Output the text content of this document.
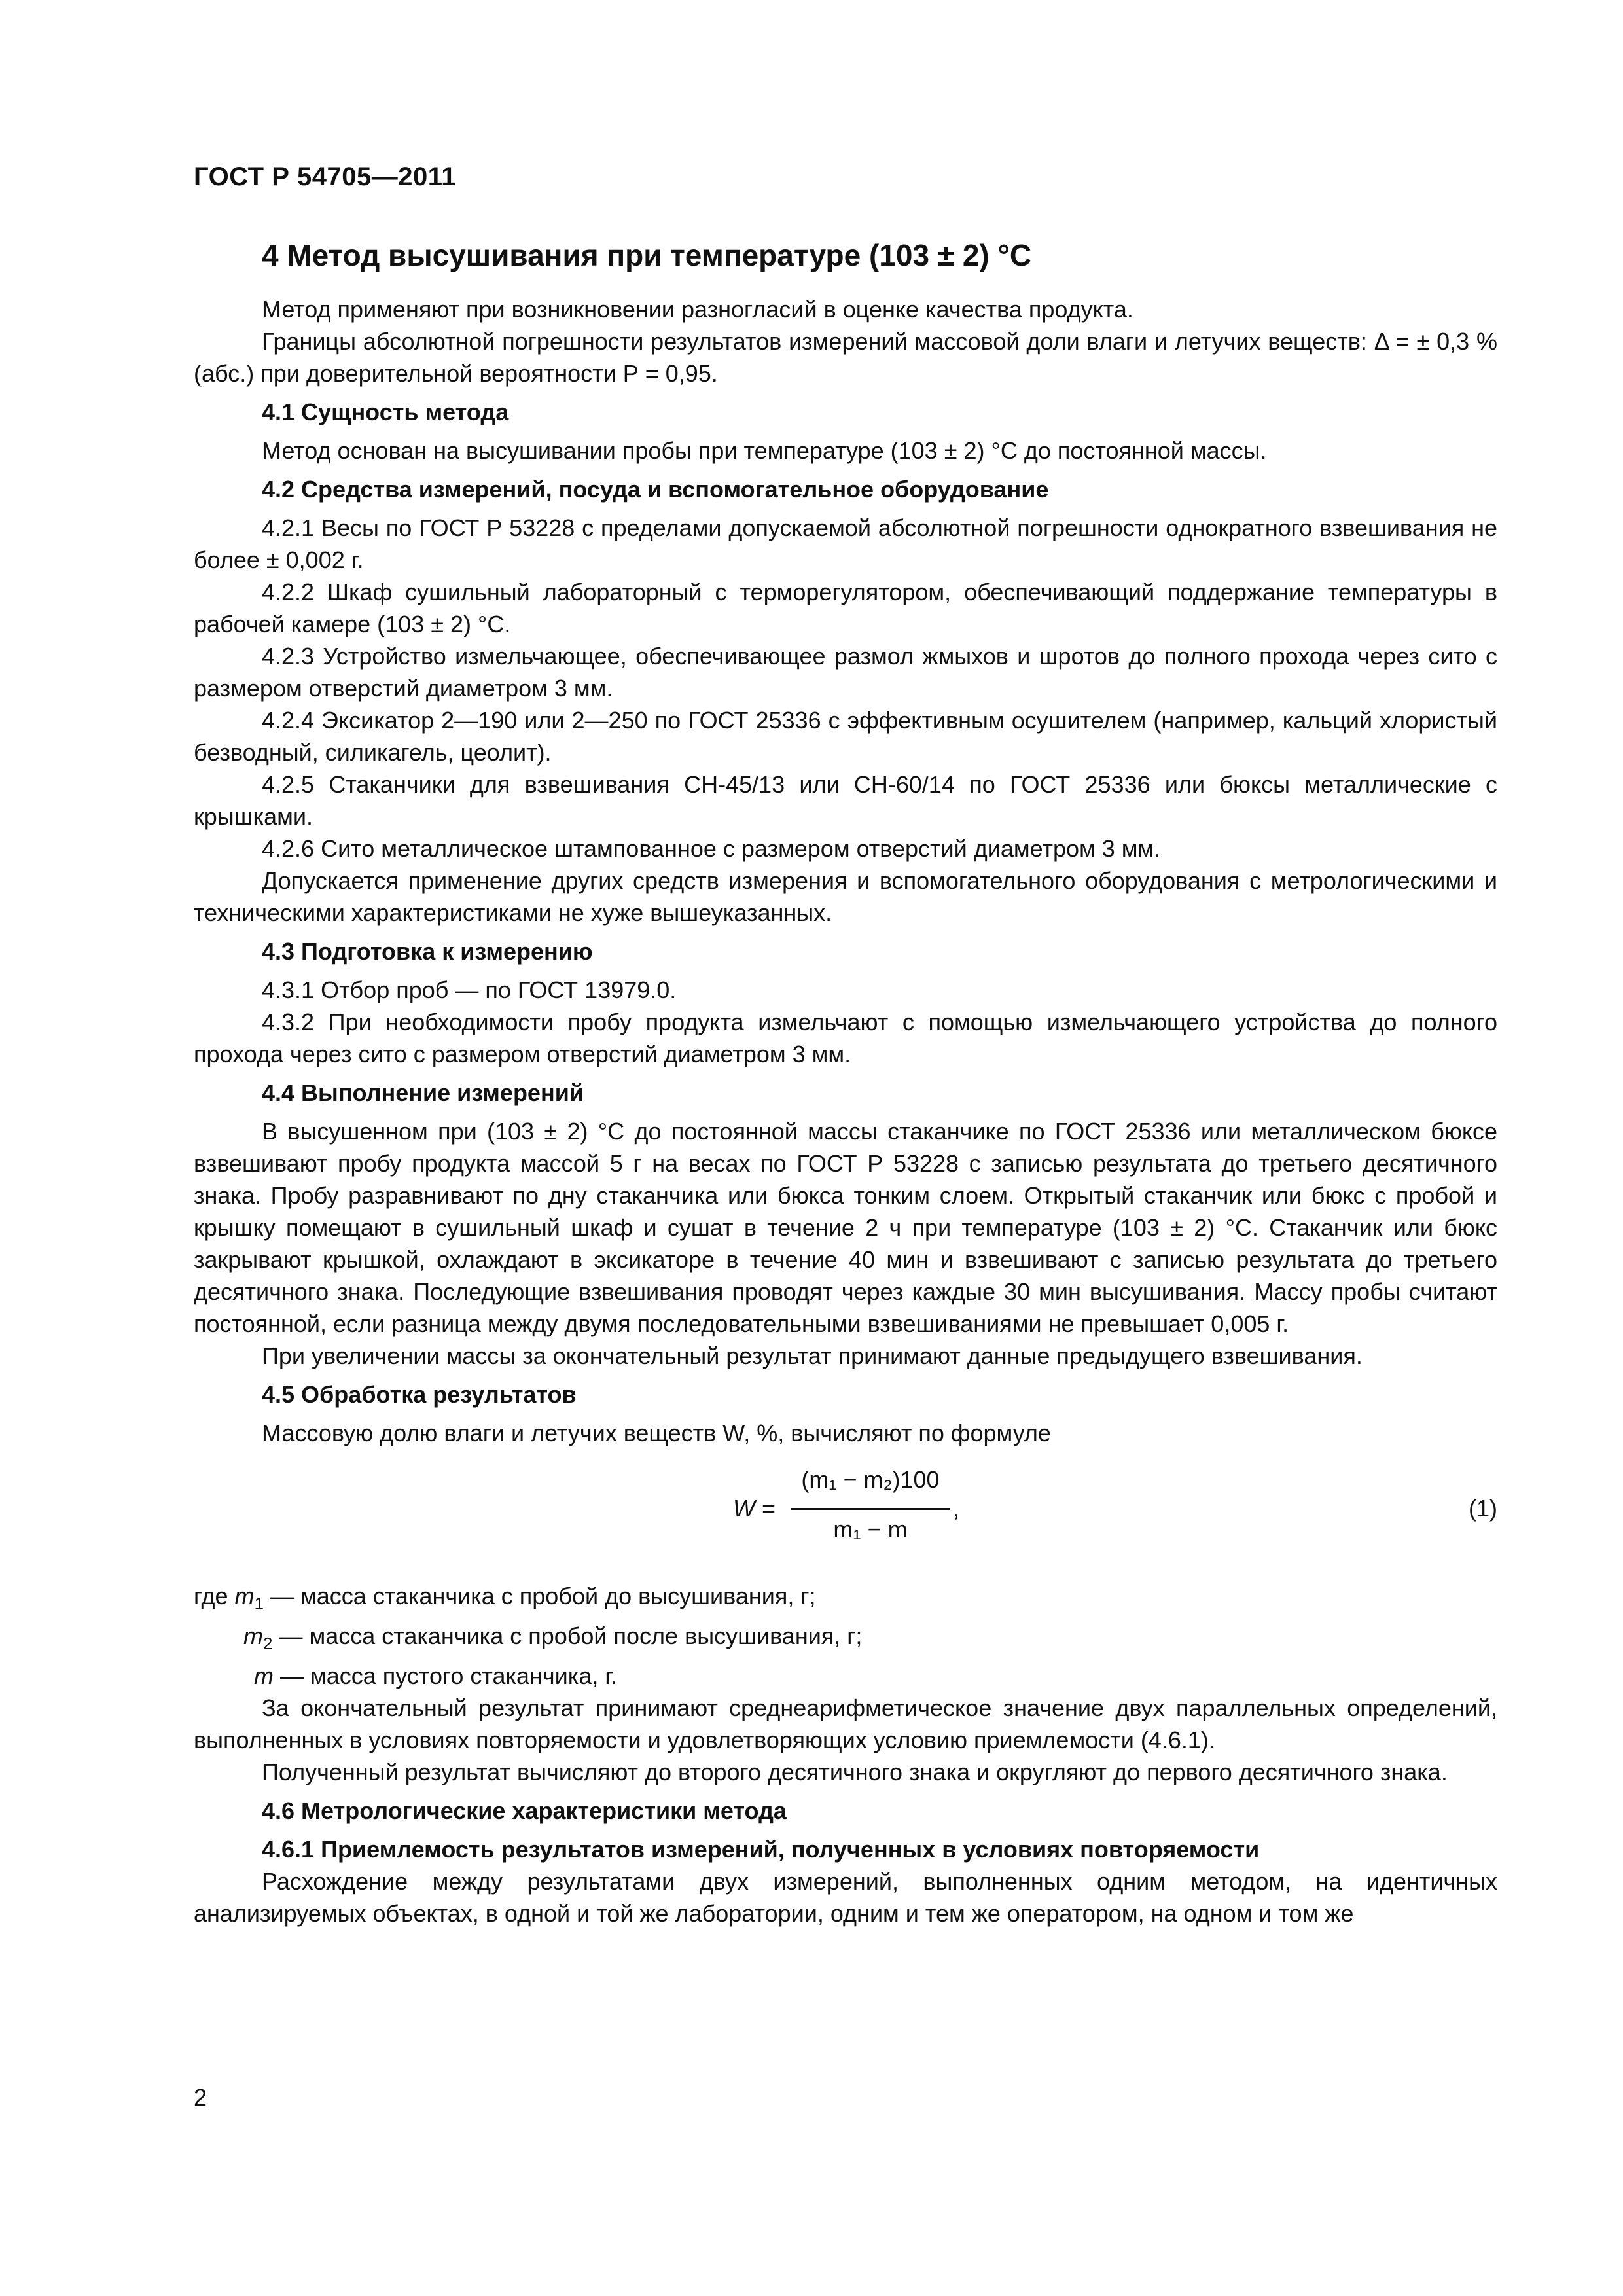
ГОСТ Р 54705—2011
4 Метод высушивания при температуре (103 ± 2) °С

Метод применяют при возникновении разногласий в оценке качества продукта.

Границы абсолютной погрешности результатов измерений массовой доли влаги и летучих веществ: Δ = ± 0,3 % (абс.) при доверительной вероятности Р = 0,95.

4.1 Сущность метода

Метод основан на высушивании пробы при температуре (103 ± 2) °С до постоянной массы.

4.2 Средства измерений, посуда и вспомогательное оборудование

4.2.1 Весы по ГОСТ Р 53228 с пределами допускаемой абсолютной погрешности однократного взвешивания не более ± 0,002 г.

4.2.2 Шкаф сушильный лабораторный с терморегулятором, обеспечивающий поддержание температуры в рабочей камере (103 ± 2) °С.

4.2.3 Устройство измельчающее, обеспечивающее размол жмыхов и шротов до полного прохода через сито с размером отверстий диаметром 3 мм.

4.2.4 Эксикатор 2—190 или 2—250 по ГОСТ 25336 с эффективным осушителем (например, кальций хлористый безводный, силикагель, цеолит).

4.2.5 Стаканчики для взвешивания СН-45/13 или СН-60/14 по ГОСТ 25336 или бюксы металлические с крышками.

4.2.6 Сито металлическое штампованное с размером отверстий диаметром 3 мм.

Допускается применение других средств измерения и вспомогательного оборудования с метрологическими и техническими характеристиками не хуже вышеуказанных.

4.3 Подготовка к измерению

4.3.1 Отбор проб — по ГОСТ 13979.0.

4.3.2 При необходимости пробу продукта измельчают с помощью измельчающего устройства до полного прохода через сито с размером отверстий диаметром 3 мм.

4.4 Выполнение измерений

В высушенном при (103 ± 2) °С до постоянной массы стаканчике по ГОСТ 25336 или металлическом бюксе взвешивают пробу продукта массой 5 г на весах по ГОСТ Р 53228 с записью результата до третьего десятичного знака. Пробу разравнивают по дну стаканчика или бюкса тонким слоем. Открытый стаканчик или бюкс с пробой и крышку помещают в сушильный шкаф и сушат в течение 2 ч при температуре (103 ± 2) °С. Стаканчик или бюкс закрывают крышкой, охлаждают в эксикаторе в течение 40 мин и взвешивают с записью результата до третьего десятичного знака. Последующие взвешивания проводят через каждые 30 мин высушивания. Массу пробы считают постоянной, если разница между двумя последовательными взвешиваниями не превышает 0,005 г.

При увеличении массы за окончательный результат принимают данные предыдущего взвешивания.

4.5 Обработка результатов

Массовую долю влаги и летучих веществ W, %, вычисляют по формуле

W =
(m₁ − m₂)100
m₁ − m
,	(1)

где $m_1$ — масса стаканчика с пробой до высушивания, г;

$m_2$ — масса стаканчика с пробой после высушивания, г;

m — масса пустого стаканчика, г.

За окончательный результат принимают среднеарифметическое значение двух параллельных определений, выполненных в условиях повторяемости и удовлетворяющих условию приемлемости (4.6.1).

Полученный результат вычисляют до второго десятичного знака и округляют до первого десятичного знака.

4.6 Метрологические характеристики метода
4.6.1 Приемлемость результатов измерений, полученных в условиях повторяемости

Расхождение между результатами двух измерений, выполненных одним методом, на идентичных анализируемых объектах, в одной и той же лаборатории, одним и тем же оператором, на одном и том же

2
